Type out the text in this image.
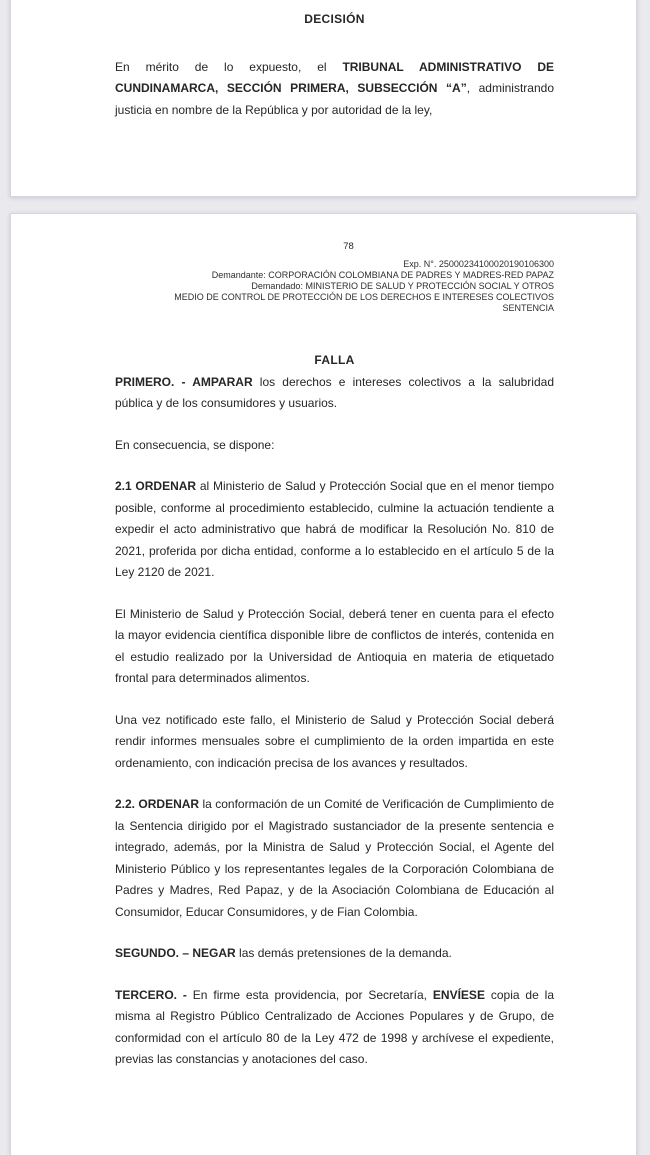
DECISIÓN

En mérito de lo expuesto, el TRIBUNAL ADMINISTRATIVO DE CUNDINAMARCA, SECCIÓN PRIMERA, SUBSECCIÓN “A”, administrando justicia en nombre de la República y por autoridad de la ley,

78
Exp. N°. 25000234100020190106300
Demandante: CORPORACIÓN COLOMBIANA DE PADRES Y MADRES-RED PAPAZ
Demandado: MINISTERIO DE SALUD Y PROTECCIÓN SOCIAL Y OTROS
MEDIO DE CONTROL DE PROTECCIÓN DE LOS DERECHOS E INTERESES COLECTIVOS
SENTENCIA
FALLA

PRIMERO. - AMPARAR los derechos e intereses colectivos a la salubridad pública y de los consumidores y usuarios.

En consecuencia, se dispone:

2.1 ORDENAR al Ministerio de Salud y Protección Social que en el menor tiempo posible, conforme al procedimiento establecido, culmine la actuación tendiente a expedir el acto administrativo que habrá de modificar la Resolución No. 810 de 2021, proferida por dicha entidad, conforme a lo establecido en el artículo 5 de la Ley 2120 de 2021.

El Ministerio de Salud y Protección Social, deberá tener en cuenta para el efecto la mayor evidencia científica disponible libre de conflictos de interés, contenida en el estudio realizado por la Universidad de Antioquia en materia de etiquetado frontal para determinados alimentos.

Una vez notificado este fallo, el Ministerio de Salud y Protección Social deberá rendir informes mensuales sobre el cumplimiento de la orden impartida en este ordenamiento, con indicación precisa de los avances y resultados.

2.2. ORDENAR la conformación de un Comité de Verificación de Cumplimiento de la Sentencia dirigido por el Magistrado sustanciador de la presente sentencia e integrado, además, por la Ministra de Salud y Protección Social, el Agente del Ministerio Público y los representantes legales de la Corporación Colombiana de Padres y Madres, Red Papaz, y de la Asociación Colombiana de Educación al Consumidor, Educar Consumidores, y de Fian Colombia.

SEGUNDO. – NEGAR las demás pretensiones de la demanda.

TERCERO. - En firme esta providencia, por Secretaría, ENVÍESE copia de la misma al Registro Público Centralizado de Acciones Populares y de Grupo, de conformidad con el artículo 80 de la Ley 472 de 1998 y archívese el expediente, previas las constancias y anotaciones del caso.
